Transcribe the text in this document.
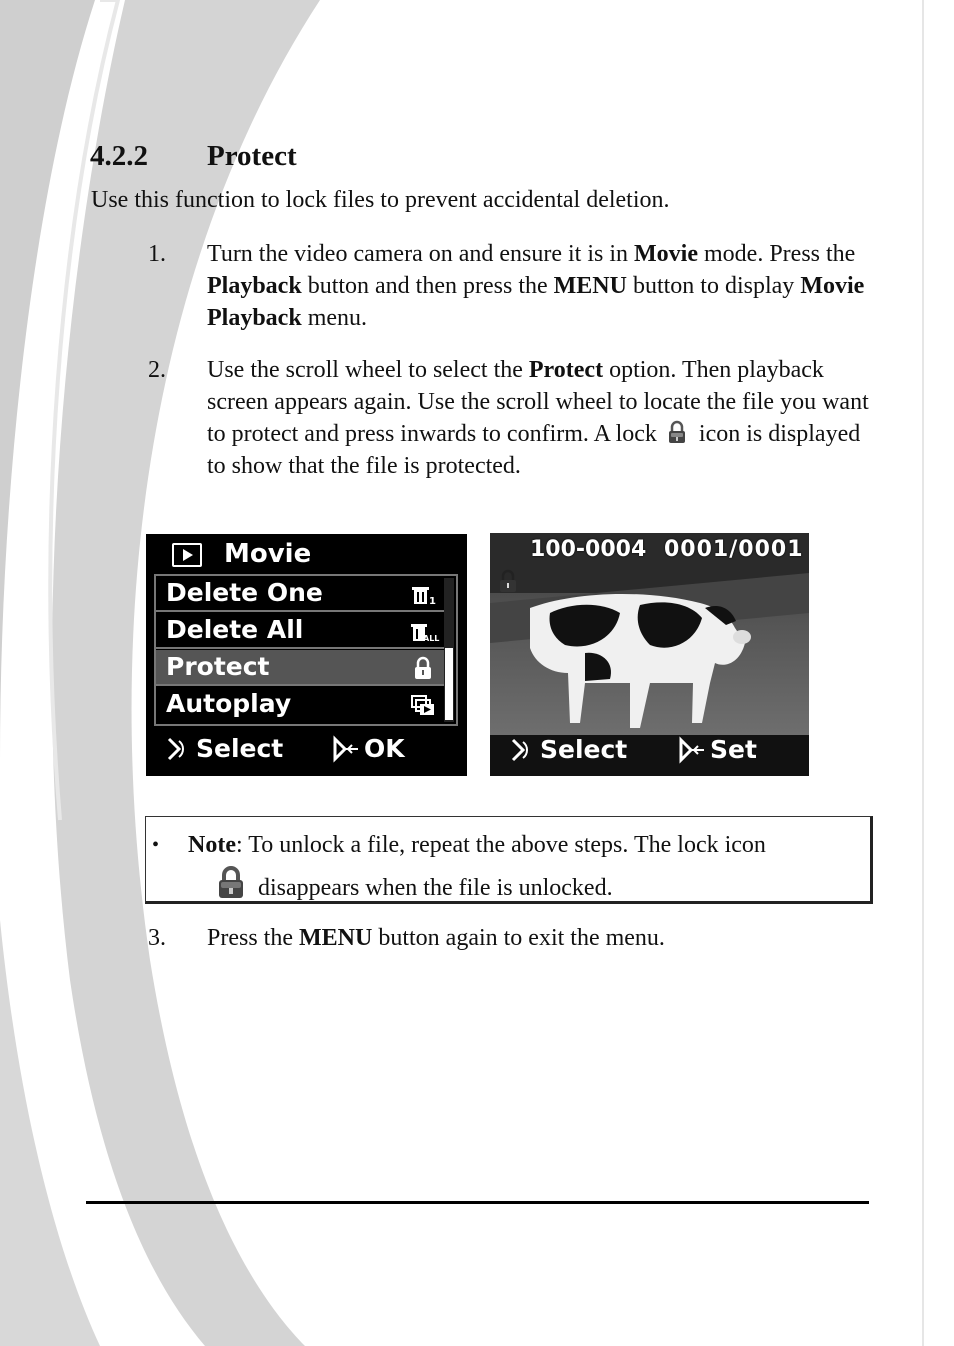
4.2.2 Protect
Use this function to lock files to prevent accidental deletion.
1. Turn the video camera on and ensure it is in Movie mode. Press the Playback button and then press the MENU button to display Movie Playback menu.
2. Use the scroll wheel to select the Protect option. Then playback screen appears again. Use the scroll wheel to locate the file you want to protect and press inwards to confirm. A lock  icon is displayed to show that the file is protected.
Movie
Delete One	1
Delete All	ALL
Protect
Autoplay
Select	OK
100-0004 0001/0001
Select	Set
• Note: To unlock a file, repeat the above steps. The lock icon
disappears when the file is unlocked.
3. Press the MENU button again to exit the menu.
